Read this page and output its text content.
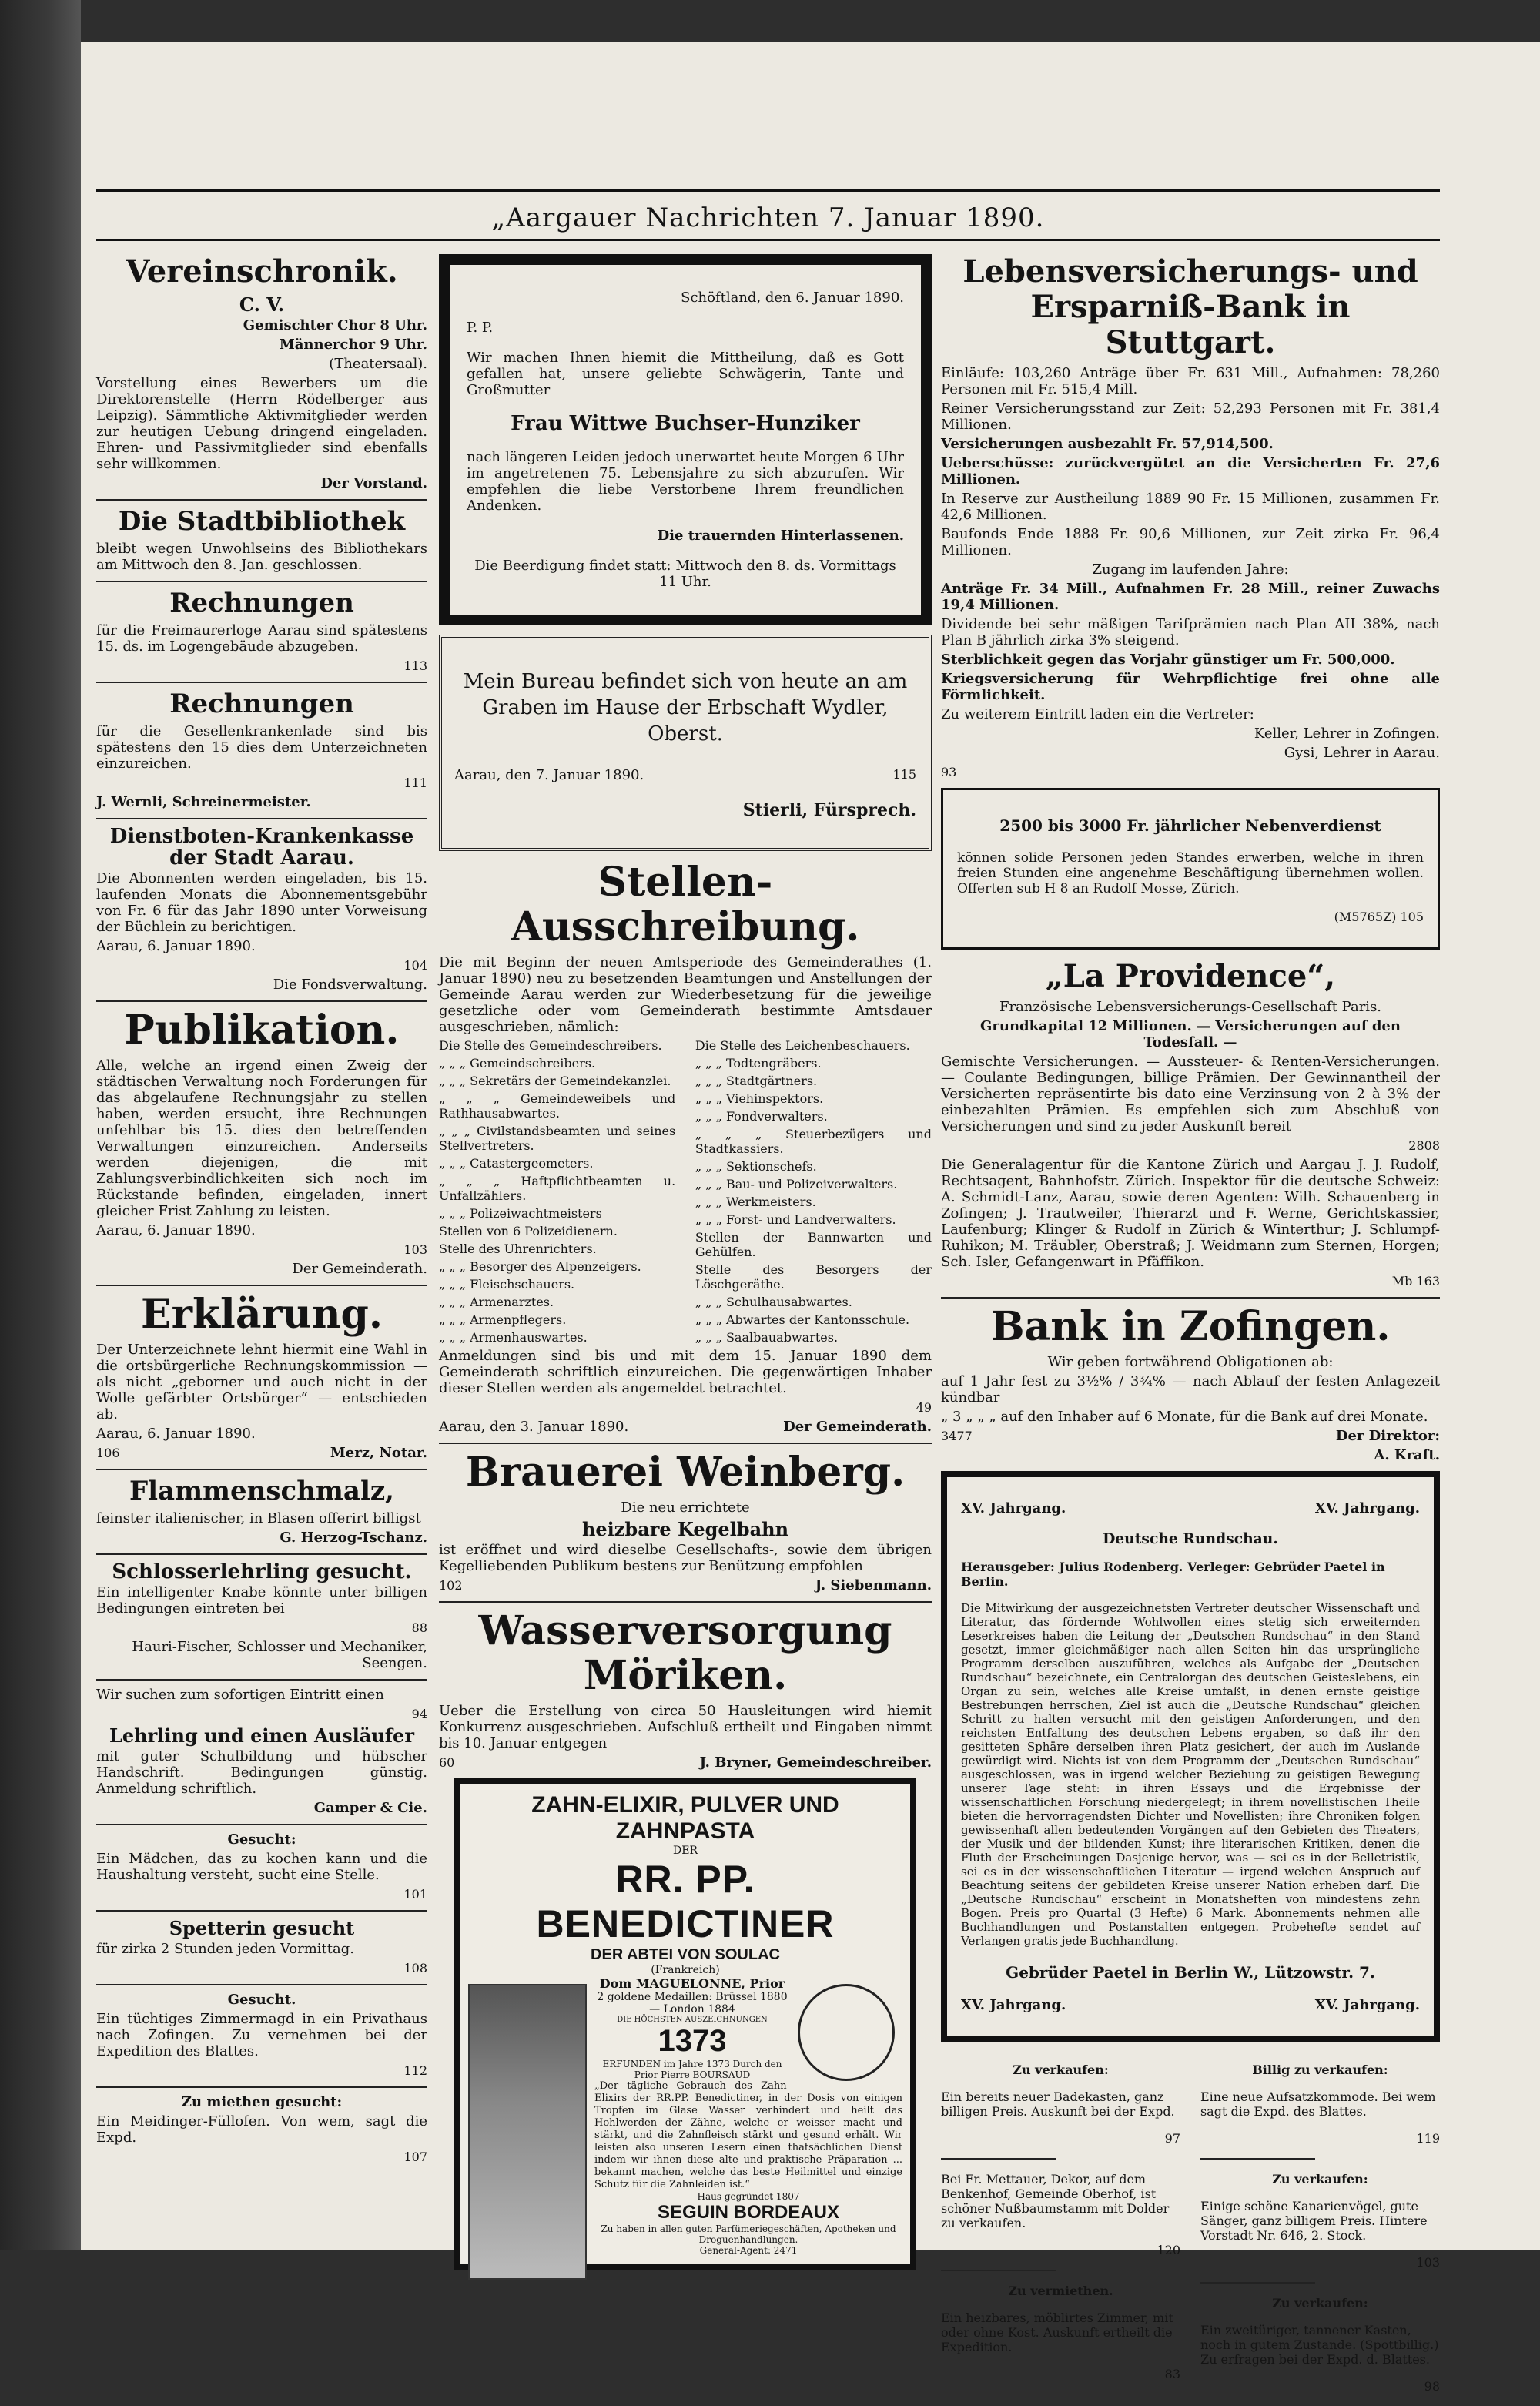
„Aargauer Nachrichten 7. Januar 1890.
Vereinschronik.
C. V.

Gemischter Chor 8 Uhr.

Männerchor 9 Uhr.

(Theatersaal).

Vorstellung eines Bewerbers um die Direktorenstelle (Herrn Rödelberger aus Leipzig). Sämmtliche Aktivmitglieder werden zur heutigen Uebung dringend eingeladen. Ehren- und Passivmitglieder sind ebenfalls sehr willkommen.

Der Vorstand.

Die Stadtbibliothek

bleibt wegen Unwohlseins des Bibliothekars am Mittwoch den 8. Jan. geschlossen.

Rechnungen

für die Freimaurerloge Aarau sind spätestens 15. ds. im Logengebäude abzugeben.

113

Rechnungen

für die Gesellenkrankenlade sind bis spätestens den 15 dies dem Unterzeichneten einzureichen.

111

J. Wernli, Schreinermeister.

Dienstboten-Krankenkasse der Stadt Aarau.

Die Abonnenten werden eingeladen, bis 15. laufenden Monats die Abonnementsgebühr von Fr. 6 für das Jahr 1890 unter Vorweisung der Büchlein zu berichtigen.

Aarau, 6. Januar 1890.

104

Die Fondsverwaltung.

Publikation.

Alle, welche an irgend einen Zweig der städtischen Verwaltung noch Forderungen für das abgelaufene Rechnungsjahr zu stellen haben, werden ersucht, ihre Rechnungen unfehlbar bis 15. dies den betreffenden Verwaltungen einzureichen. Anderseits werden diejenigen, die mit Zahlungsverbindlichkeiten sich noch im Rückstande befinden, eingeladen, innert gleicher Frist Zahlung zu leisten.

Aarau, 6. Januar 1890.

103

Der Gemeinderath.

Erklärung.

Der Unterzeichnete lehnt hiermit eine Wahl in die ortsbürgerliche Rechnungskommission — als nicht „geborner und auch nicht in der Wolle gefärbter Ortsbürger“ — entschieden ab.

Aarau, 6. Januar 1890.

106	Merz, Notar.

Flammenschmalz,

feinster italienischer, in Blasen offerirt billigst

G. Herzog-Tschanz.

Schlosserlehrling gesucht.

Ein intelligenter Knabe könnte unter billigen Bedingungen eintreten bei

88

Hauri-Fischer, Schlosser und Mechaniker, Seengen.

Wir suchen zum sofortigen Eintritt einen

94

Lehrling und einen Ausläufer

mit guter Schulbildung und hübscher Handschrift. Bedingungen günstig. Anmeldung schriftlich.

Gamper & Cie.

Gesucht:

Ein Mädchen, das zu kochen kann und die Haushaltung versteht, sucht eine Stelle.

101

Spetterin gesucht

für zirka 2 Stunden jeden Vormittag.

108

Gesucht.

Ein tüchtiges Zimmermagd in ein Privathaus nach Zofingen. Zu vernehmen bei der Expedition des Blattes.

112

Zu miethen gesucht:

Ein Meidinger-Füllofen. Von wem, sagt die Expd.

107

Schöftland, den 6. Januar 1890.

P. P.

Wir machen Ihnen hiemit die Mittheilung, daß es Gott gefallen hat, unsere geliebte Schwägerin, Tante und Großmutter

Frau Wittwe Buchser-Hunziker

nach längeren Leiden jedoch unerwartet heute Morgen 6 Uhr im angetretenen 75. Lebensjahre zu sich abzurufen. Wir empfehlen die liebe Verstorbene Ihrem freundlichen Andenken.

Die trauernden Hinterlassenen.

Die Beerdigung findet statt: Mittwoch den 8. ds. Vormittags 11 Uhr.

Mein Bureau befindet sich von heute an am Graben im Hause der Erbschaft Wydler, Oberst.

Aarau, den 7. Januar 1890.	115

Stierli, Fürsprech.

Stellen-Ausschreibung.

Die mit Beginn der neuen Amtsperiode des Gemeinderathes (1. Januar 1890) neu zu besetzenden Beamtungen und Anstellungen der Gemeinde Aarau werden zur Wiederbesetzung für die jeweilige gesetzliche oder vom Gemeinderath bestimmte Amtsdauer ausgeschrieben, nämlich:

Die Stelle des Gemeindeschreibers.

„ „ „ Gemeindschreibers.

„ „ „ Sekretärs der Gemeindekanzlei.

„ „ „ Gemeindeweibels und Rathhausabwartes.

„ „ „ Civilstandsbeamten und seines Stellvertreters.

„ „ „ Catastergeometers.

„ „ „ Haftpflichtbeamten u. Unfallzählers.

„ „ „ Polizeiwachtmeisters

Stellen von 6 Polizeidienern.

Stelle des Uhrenrichters.

„ „ „ Besorger des Alpenzeigers.

„ „ „ Fleischschauers.

„ „ „ Armenarztes.

„ „ „ Armenpflegers.

„ „ „ Armenhauswartes.

Die Stelle des Leichenbeschauers.

„ „ „ Todtengräbers.

„ „ „ Stadtgärtners.

„ „ „ Viehinspektors.

„ „ „ Fondverwalters.

„ „ „ Steuerbezügers und Stadtkassiers.

„ „ „ Sektionschefs.

„ „ „ Bau- und Polizeiverwalters.

„ „ „ Werkmeisters.

„ „ „ Forst- und Landverwalters.

Stellen der Bannwarten und Gehülfen.

Stelle des Besorgers der Löschgeräthe.

„ „ „ Schulhausabwartes.

„ „ „ Abwartes der Kantonsschule.

„ „ „ Saalbauabwartes.

Anmeldungen sind bis und mit dem 15. Januar 1890 dem Gemeinderath schriftlich einzureichen. Die gegenwärtigen Inhaber dieser Stellen werden als angemeldet betrachtet.

49

Aarau, den 3. Januar 1890.	Der Gemeinderath.

Brauerei Weinberg.

Die neu errichtete

heizbare Kegelbahn

ist eröffnet und wird dieselbe Gesellschafts-, sowie dem übrigen Kegelliebenden Publikum bestens zur Benützung empfohlen

102	J. Siebenmann.

Wasserversorgung Möriken.

Ueber die Erstellung von circa 50 Hausleitungen wird hiemit Konkurrenz ausgeschrieben. Aufschluß ertheilt und Eingaben nimmt bis 10. Januar entgegen

60	J. Bryner, Gemeindeschreiber.

ZAHN-ELIXIR, PULVER UND ZAHNPASTA
DER
RR. PP. BENEDICTINER
DER ABTEI VON SOULAC
(Frankreich)
Dom MAGUELONNE, Prior
2 goldene Medaillen: Brüssel 1880 — London 1884
DIE HÖCHSTEN AUSZEICHNUNGEN
1373
ERFUNDEN im Jahre 1373 Durch den Prior Pierre BOURSAUD
„Der tägliche Gebrauch des Zahn-Elixirs der RR.PP. Benedictiner, in der Dosis von einigen Tropfen im Glase Wasser verhindert und heilt das Hohlwerden der Zähne, welche er weisser macht und stärkt, und die Zahnfleisch stärkt und gesund erhält. Wir leisten also unseren Lesern einen thatsächlichen Dienst indem wir ihnen diese alte und praktische Präparation ... bekannt machen, welche das beste Heilmittel und einzige Schutz für die Zahnleiden ist.“
Haus gegründet 1807
SEGUIN BORDEAUX
Zu haben in allen guten Parfümeriegeschäften, Apotheken und Droguenhandlungen.
General-Agent: 2471
Lebensversicherungs- und Ersparniß-Bank in Stuttgart.

Einläufe: 103,260 Anträge über Fr. 631 Mill., Aufnahmen: 78,260 Personen mit Fr. 515,4 Mill.

Reiner Versicherungsstand zur Zeit: 52,293 Personen mit Fr. 381,4 Millionen.

Versicherungen ausbezahlt Fr. 57,914,500.

Ueberschüsse: zurückvergütet an die Versicherten Fr. 27,6 Millionen.

In Reserve zur Austheilung 1889 90 Fr. 15 Millionen, zusammen Fr. 42,6 Millionen.

Baufonds Ende 1888 Fr. 90,6 Millionen, zur Zeit zirka Fr. 96,4 Millionen.

Zugang im laufenden Jahre:

Anträge Fr. 34 Mill., Aufnahmen Fr. 28 Mill., reiner Zuwachs 19,4 Millionen.

Dividende bei sehr mäßigen Tarifprämien nach Plan AII 38%, nach Plan B jährlich zirka 3% steigend.

Sterblichkeit gegen das Vorjahr günstiger um Fr. 500,000.

Kriegsversicherung für Wehrpflichtige frei ohne alle Förmlichkeit.

Zu weiterem Eintritt laden ein die Vertreter:

Keller, Lehrer in Zofingen.

Gysi, Lehrer in Aarau.

93

2500 bis 3000 Fr. jährlicher Nebenverdienst

können solide Personen jeden Standes erwerben, welche in ihren freien Stunden eine angenehme Beschäftigung übernehmen wollen. Offerten sub H 8 an Rudolf Mosse, Zürich.

(M5765Z) 105

„La Providence“,

Französische Lebensversicherungs-Gesellschaft Paris.

Grundkapital 12 Millionen. — Versicherungen auf den Todesfall. —

Gemischte Versicherungen. — Aussteuer- & Renten-Versicherungen. — Coulante Bedingungen, billige Prämien. Der Gewinnantheil der Versicherten repräsentirte bis dato eine Verzinsung von 2 à 3% der einbezahlten Prämien. Es empfehlen sich zum Abschluß von Versicherungen und sind zu jeder Auskunft bereit

2808

Die Generalagentur für die Kantone Zürich und Aargau J. J. Rudolf, Rechtsagent, Bahnhofstr. Zürich. Inspektor für die deutsche Schweiz: A. Schmidt-Lanz, Aarau, sowie deren Agenten: Wilh. Schauenberg in Zofingen; J. Trautweiler, Thierarzt und F. Werne, Gerichtskassier, Laufenburg; Klinger & Rudolf in Zürich & Winterthur; J. Schlumpf-Ruhikon; M. Träubler, Oberstraß; J. Weidmann zum Sternen, Horgen; Sch. Isler, Gefangenwart in Pfäffikon.

Mb 163

Bank in Zofingen.

Wir geben fortwährend Obligationen ab:

auf 1 Jahr fest zu 3½% / 3¾% — nach Ablauf der festen Anlagezeit kündbar

„ 3 „ „ „ auf den Inhaber auf 6 Monate, für die Bank auf drei Monate.

3477	Der Direktor:

A. Kraft.

XV. Jahrgang.	XV. Jahrgang.

Deutsche Rundschau.

Herausgeber: Julius Rodenberg. Verleger: Gebrüder Paetel in Berlin.

Die Mitwirkung der ausgezeichnetsten Vertreter deutscher Wissenschaft und Literatur, das fördernde Wohlwollen eines stetig sich erweiternden Leserkreises haben die Leitung der „Deutschen Rundschau“ in den Stand gesetzt, immer gleichmäßiger nach allen Seiten hin das ursprüngliche Programm derselben auszuführen, welches als Aufgabe der „Deutschen Rundschau“ bezeichnete, ein Centralorgan des deutschen Geisteslebens, ein Organ zu sein, welches alle Kreise umfaßt, in denen ernste geistige Bestrebungen herrschen, Ziel ist auch die „Deutsche Rundschau“ gleichen Schritt zu halten versucht mit den geistigen Anforderungen, und den reichsten Entfaltung des deutschen Lebens ergaben, so daß ihr den gesitteten Sphäre derselben ihren Platz gesichert, der auch im Auslande gewürdigt wird. Nichts ist von dem Programm der „Deutschen Rundschau“ ausgeschlossen, was in irgend welcher Beziehung zu geistigen Bewegung unserer Tage steht: in ihren Essays und die Ergebnisse der wissenschaftlichen Forschung niedergelegt; in ihrem novellistischen Theile bieten die hervorragendsten Dichter und Novellisten; ihre Chroniken folgen gewissenhaft allen bedeutenden Vorgängen auf den Gebieten des Theaters, der Musik und der bildenden Kunst; ihre literarischen Kritiken, denen die Fluth der Erscheinungen Dasjenige hervor, was — sei es in der Belletristik, sei es in der wissenschaftlichen Literatur — irgend welchen Anspruch auf Beachtung seitens der gebildeten Kreise unserer Nation erheben darf. Die „Deutsche Rundschau“ erscheint in Monatsheften von mindestens zehn Bogen. Preis pro Quartal (3 Hefte) 6 Mark. Abonnements nehmen alle Buchhandlungen und Postanstalten entgegen. Probehefte sendet auf Verlangen gratis jede Buchhandlung.

Gebrüder Paetel in Berlin W., Lützowstr. 7.

XV. Jahrgang.	XV. Jahrgang.

Zu verkaufen:

Ein bereits neuer Badekasten, ganz billigen Preis. Auskunft bei der Expd.

97

Bei Fr. Mettauer, Dekor, auf dem Benkenhof, Gemeinde Oberhof, ist schöner Nußbaumstamm mit Dolder zu verkaufen.

120

Zu vermiethen.

Ein heizbares, möblirtes Zimmer, mit oder ohne Kost. Auskunft ertheilt die Expedition.

83

Billig zu verkaufen:

Eine neue Aufsatzkommode. Bei wem sagt die Expd. des Blattes.

119

Zu verkaufen:

Einige schöne Kanarienvögel, gute Sänger, ganz billigem Preis. Hintere Vorstadt Nr. 646, 2. Stock.

103

Zu verkaufen:

Ein zweitüriger, tannener Kasten, noch in gutem Zustande. (Spottbillig.) Zu erfragen bei der Expd. d. Blattes.

98
